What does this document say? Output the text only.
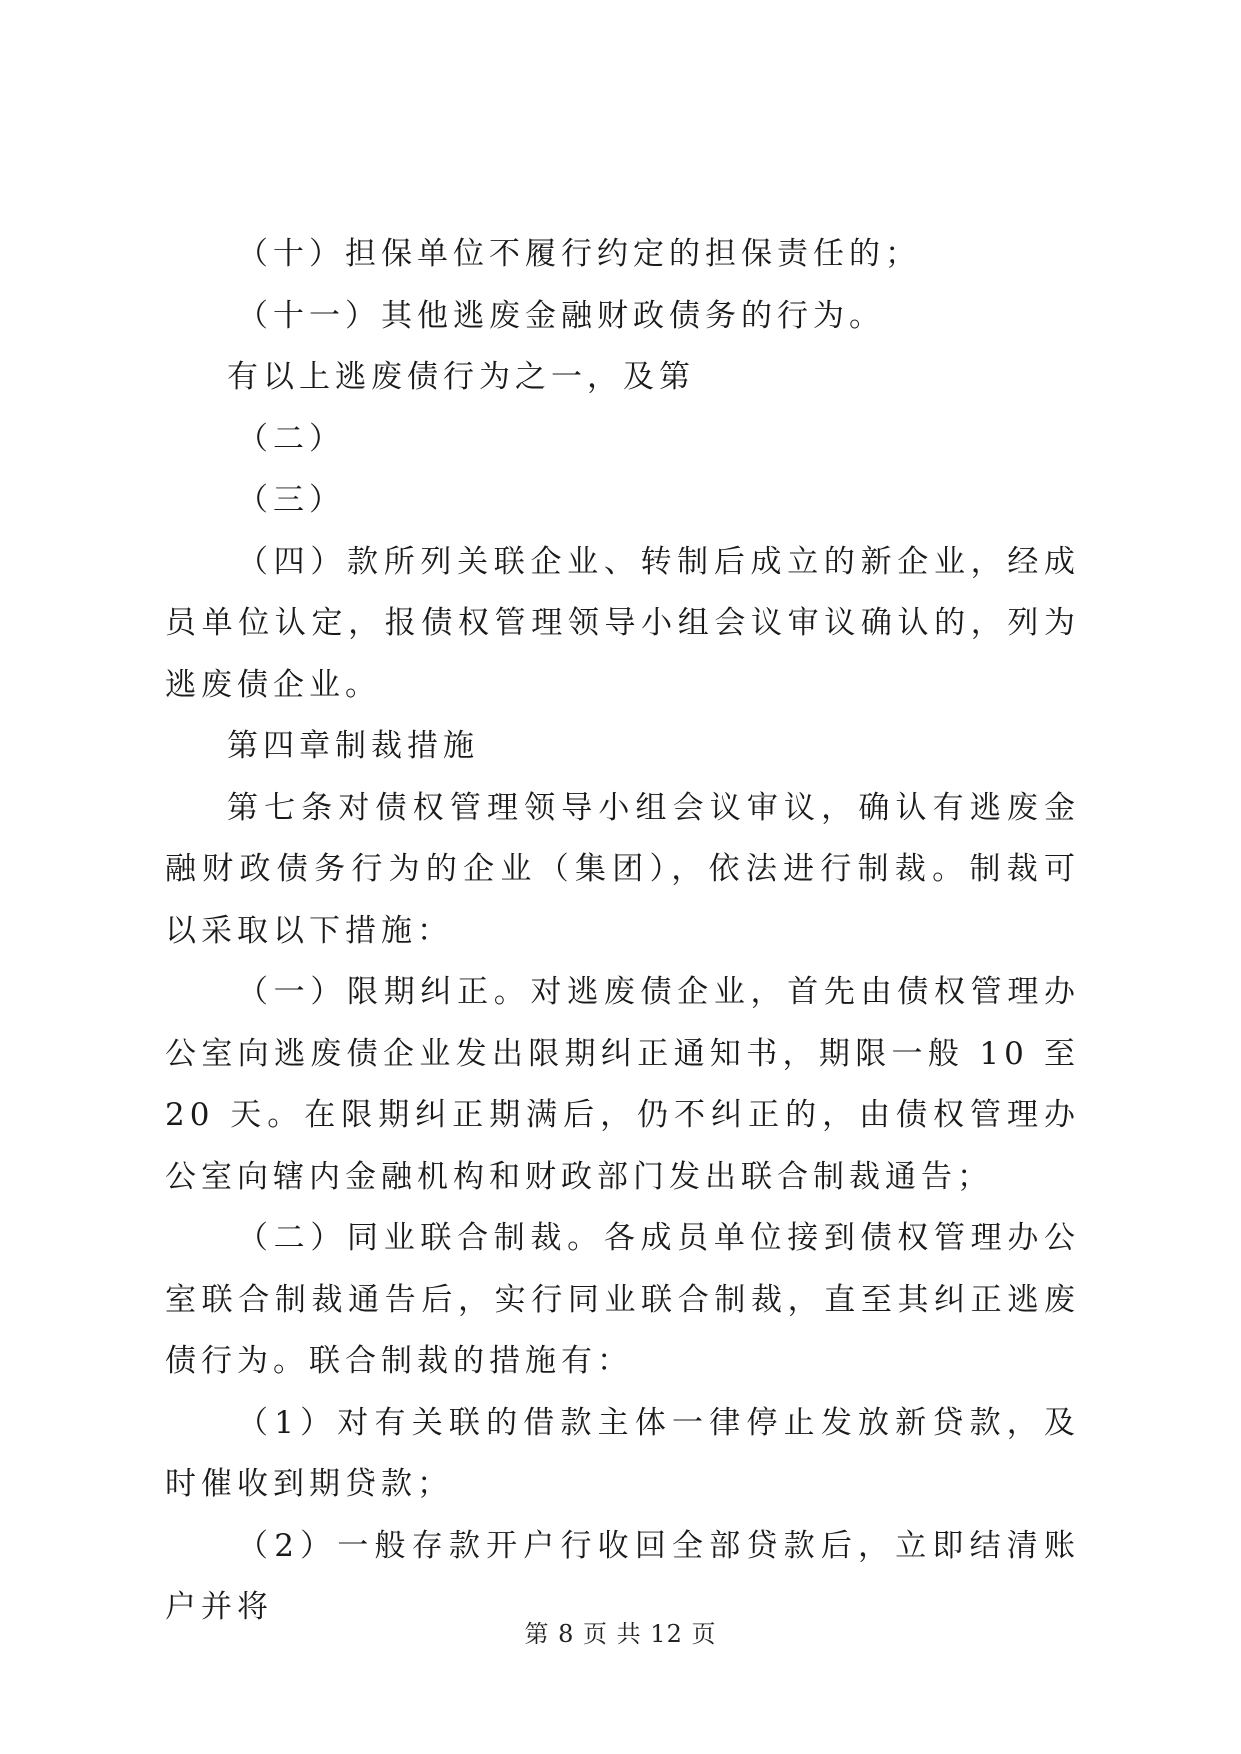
（十）担保单位不履行约定的担保责任的；

（十一）其他逃废金融财政债务的行为。

有以上逃废债行为之一，及第

（二）

（三）

（四）款所列关联企业、转制后成立的新企业，经成员单位认定，报债权管理领导小组会议审议确认的，列为逃废债企业。

第四章制裁措施

第七条对债权管理领导小组会议审议，确认有逃废金融财政债务行为的企业（集团），依法进行制裁。制裁可以采取以下措施：

（一）限期纠正。对逃废债企业，首先由债权管理办公室向逃废债企业发出限期纠正通知书，期限一般 10 至 20 天。在限期纠正期满后，仍不纠正的，由债权管理办公室向辖内金融机构和财政部门发出联合制裁通告；

（二）同业联合制裁。各成员单位接到债权管理办公室联合制裁通告后，实行同业联合制裁，直至其纠正逃废债行为。联合制裁的措施有：

（1）对有关联的借款主体一律停止发放新贷款，及时催收到期贷款；

（2）一般存款开户行收回全部贷款后，立即结清账户并将

第 8 页 共 12 页
